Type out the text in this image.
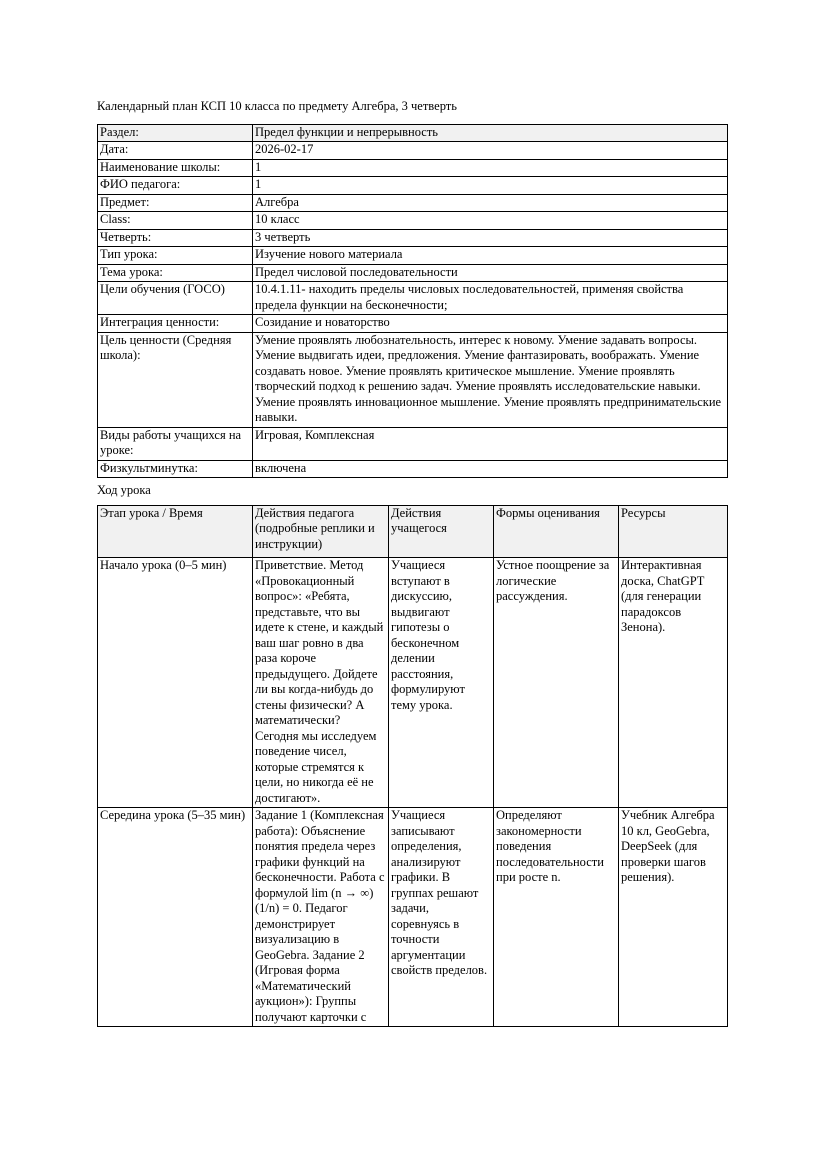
Календарный план КСП 10 класса по предмету Алгебра, 3 четверть

Раздел:	Предел функции и непрерывность
Дата:	2026-02-17
Наименование школы:	1
ФИО педагога:	1
Предмет:	Алгебра
Class:	10 класс
Четверть:	3 четверть
Тип урока:	Изучение нового материала
Тема урока:	Предел числовой последовательности
Цели обучения (ГОСО)	10.4.1.11- находить пределы числовых последовательностей, применяя свойства предела функции на бесконечности;
Интеграция ценности:	Созидание и новаторство
Цель ценности (Средняя школа):	Умение проявлять любознательность, интерес к новому. Умение задавать вопросы. Умение выдвигать идеи, предложения. Умение фантазировать, воображать. Умение создавать новое. Умение проявлять критическое мышление. Умение проявлять творческий подход к решению задач. Умение проявлять исследовательские навыки. Умение проявлять инновационное мышление. Умение проявлять предпринимательские навыки.
Виды работы учащихся на уроке:	Игровая, Комплексная
Физкультминутка:	включена

Ход урока

Этап урока / Время	Действия педагога (подробные реплики и инструкции)	Действия учащегося	Формы оценивания	Ресурсы
Начало урока (0–5 мин)	Приветствие. Метод «Провокационный вопрос»: «Ребята, представьте, что вы идете к стене, и каждый ваш шаг ровно в два раза короче предыдущего. Дойдете ли вы когда-нибудь до стены физически? А математически? Сегодня мы исследуем поведение чисел, которые стремятся к цели, но никогда её не достигают».	Учащиеся вступают в дискуссию, выдвигают гипотезы о бесконечном делении расстояния, формулируют тему урока.	Устное поощрение за логические рассуждения.	Интерактивная доска, ChatGPT (для генерации парадоксов Зенона).
Середина урока (5–35 мин)	Задание 1 (Комплексная работа): Объяснение понятия предела через графики функций на бесконечности. Работа с формулой lim (n → ∞) (1/n) = 0. Педагог демонстрирует визуализацию в GeoGebra. Задание 2 (Игровая форма «Математический аукцион»): Группы получают карточки с	Учащиеся записывают определения, анализируют графики. В группах решают задачи, соревнуясь в точности аргументации свойств пределов.	Определяют закономерности поведения последовательности при росте n.	Учебник Алгебра 10 кл, GeoGebra, DeepSeek (для проверки шагов решения).
